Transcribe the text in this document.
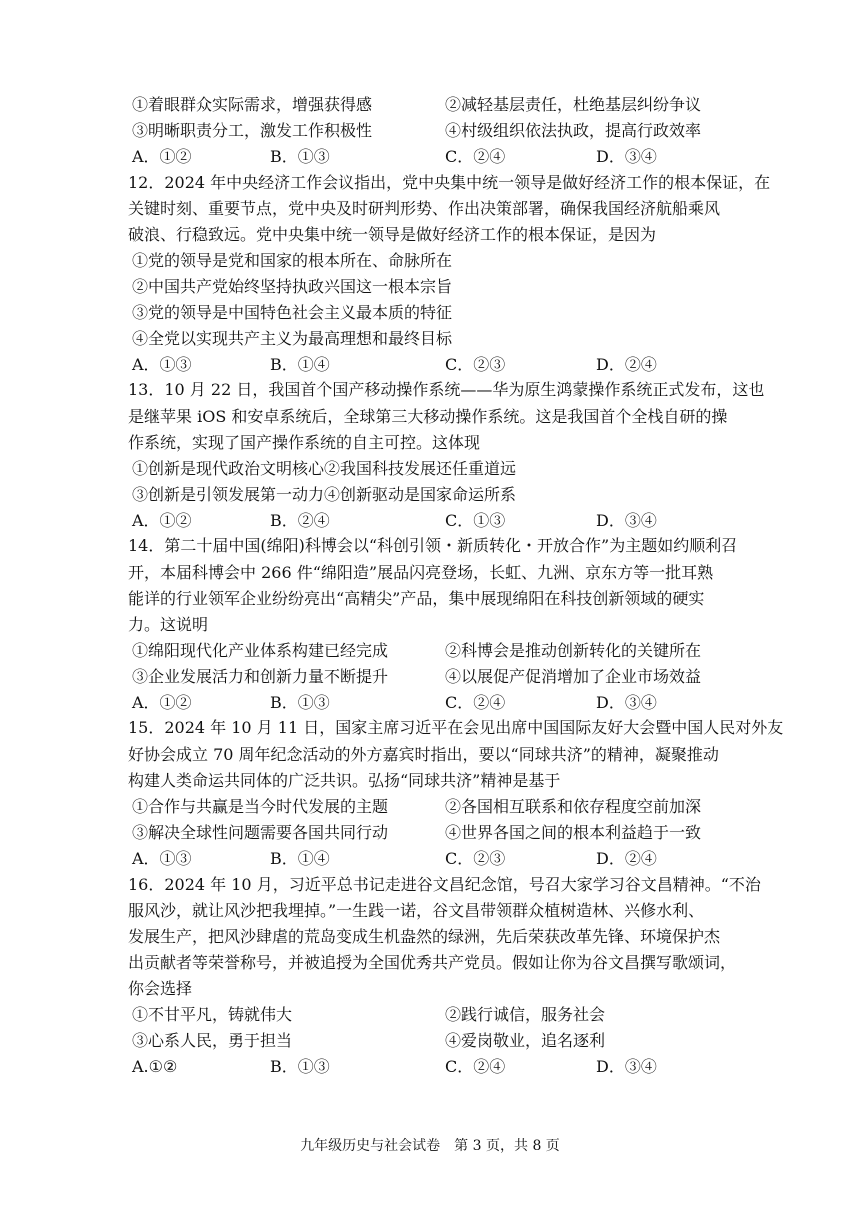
①着眼群众实际需求，增强获得感	②减轻基层责任，杜绝基层纠纷争议
③明晰职责分工，激发工作积极性	④村级组织依法执政，提高行政效率
A．①②	B．①③	C．②④	D．③④
12．2024 年中央经济工作会议指出，党中央集中统一领导是做好经济工作的根本保证，在
关键时刻、重要节点，党中央及时研判形势、作出决策部署，确保我国经济航船乘风
破浪、行稳致远。党中央集中统一领导是做好经济工作的根本保证，是因为
①党的领导是党和国家的根本所在、命脉所在
②中国共产党始终坚持执政兴国这一根本宗旨
③党的领导是中国特色社会主义最本质的特征
④全党以实现共产主义为最高理想和最终目标
A．①③	B．①④	C．②③	D．②④
13．10 月 22 日，我国首个国产移动操作系统——华为原生鸿蒙操作系统正式发布，这也
是继苹果 iOS 和安卓系统后，全球第三大移动操作系统。这是我国首个全栈自研的操
作系统，实现了国产操作系统的自主可控。这体现
①创新是现代政治文明核心②我国科技发展还任重道远
③创新是引领发展第一动力④创新驱动是国家命运所系
A．①②	B．②④	C．①③	D．③④
14．第二十届中国(绵阳)科博会以“科创引领・新质转化・开放合作”为主题如约顺利召
开，本届科博会中 266 件“绵阳造”展品闪亮登场，长虹、九洲、京东方等一批耳熟
能详的行业领军企业纷纷亮出“高精尖”产品，集中展现绵阳在科技创新领域的硬实
力。这说明
①绵阳现代化产业体系构建已经完成	②科博会是推动创新转化的关键所在
③企业发展活力和创新力量不断提升	④以展促产促消增加了企业市场效益
A．①②	B．①③	C．②④	D．③④
15．2024 年 10 月 11 日，国家主席习近平在会见出席中国国际友好大会暨中国人民对外友
好协会成立 70 周年纪念活动的外方嘉宾时指出，要以“同球共济”的精神，凝聚推动
构建人类命运共同体的广泛共识。弘扬“同球共济”精神是基于
①合作与共赢是当今时代发展的主题	②各国相互联系和依存程度空前加深
③解决全球性问题需要各国共同行动	④世界各国之间的根本利益趋于一致
A．①③	B．①④	C．②③	D．②④
16．2024 年 10 月，习近平总书记走进谷文昌纪念馆，号召大家学习谷文昌精神。“不治
服风沙，就让风沙把我埋掉。”一生践一诺，谷文昌带领群众植树造林、兴修水利、
发展生产，把风沙肆虐的荒岛变成生机盎然的绿洲，先后荣获改革先锋、环境保护杰
出贡献者等荣誉称号，并被追授为全国优秀共产党员。假如让你为谷文昌撰写歌颂词，
你会选择
①不甘平凡，铸就伟大	②践行诚信，服务社会
③心系人民，勇于担当	④爱岗敬业，追名逐利
A.①②	B．①③	C．②④	D．③④
九年级历史与社会试卷　第 3 页，共 8 页
